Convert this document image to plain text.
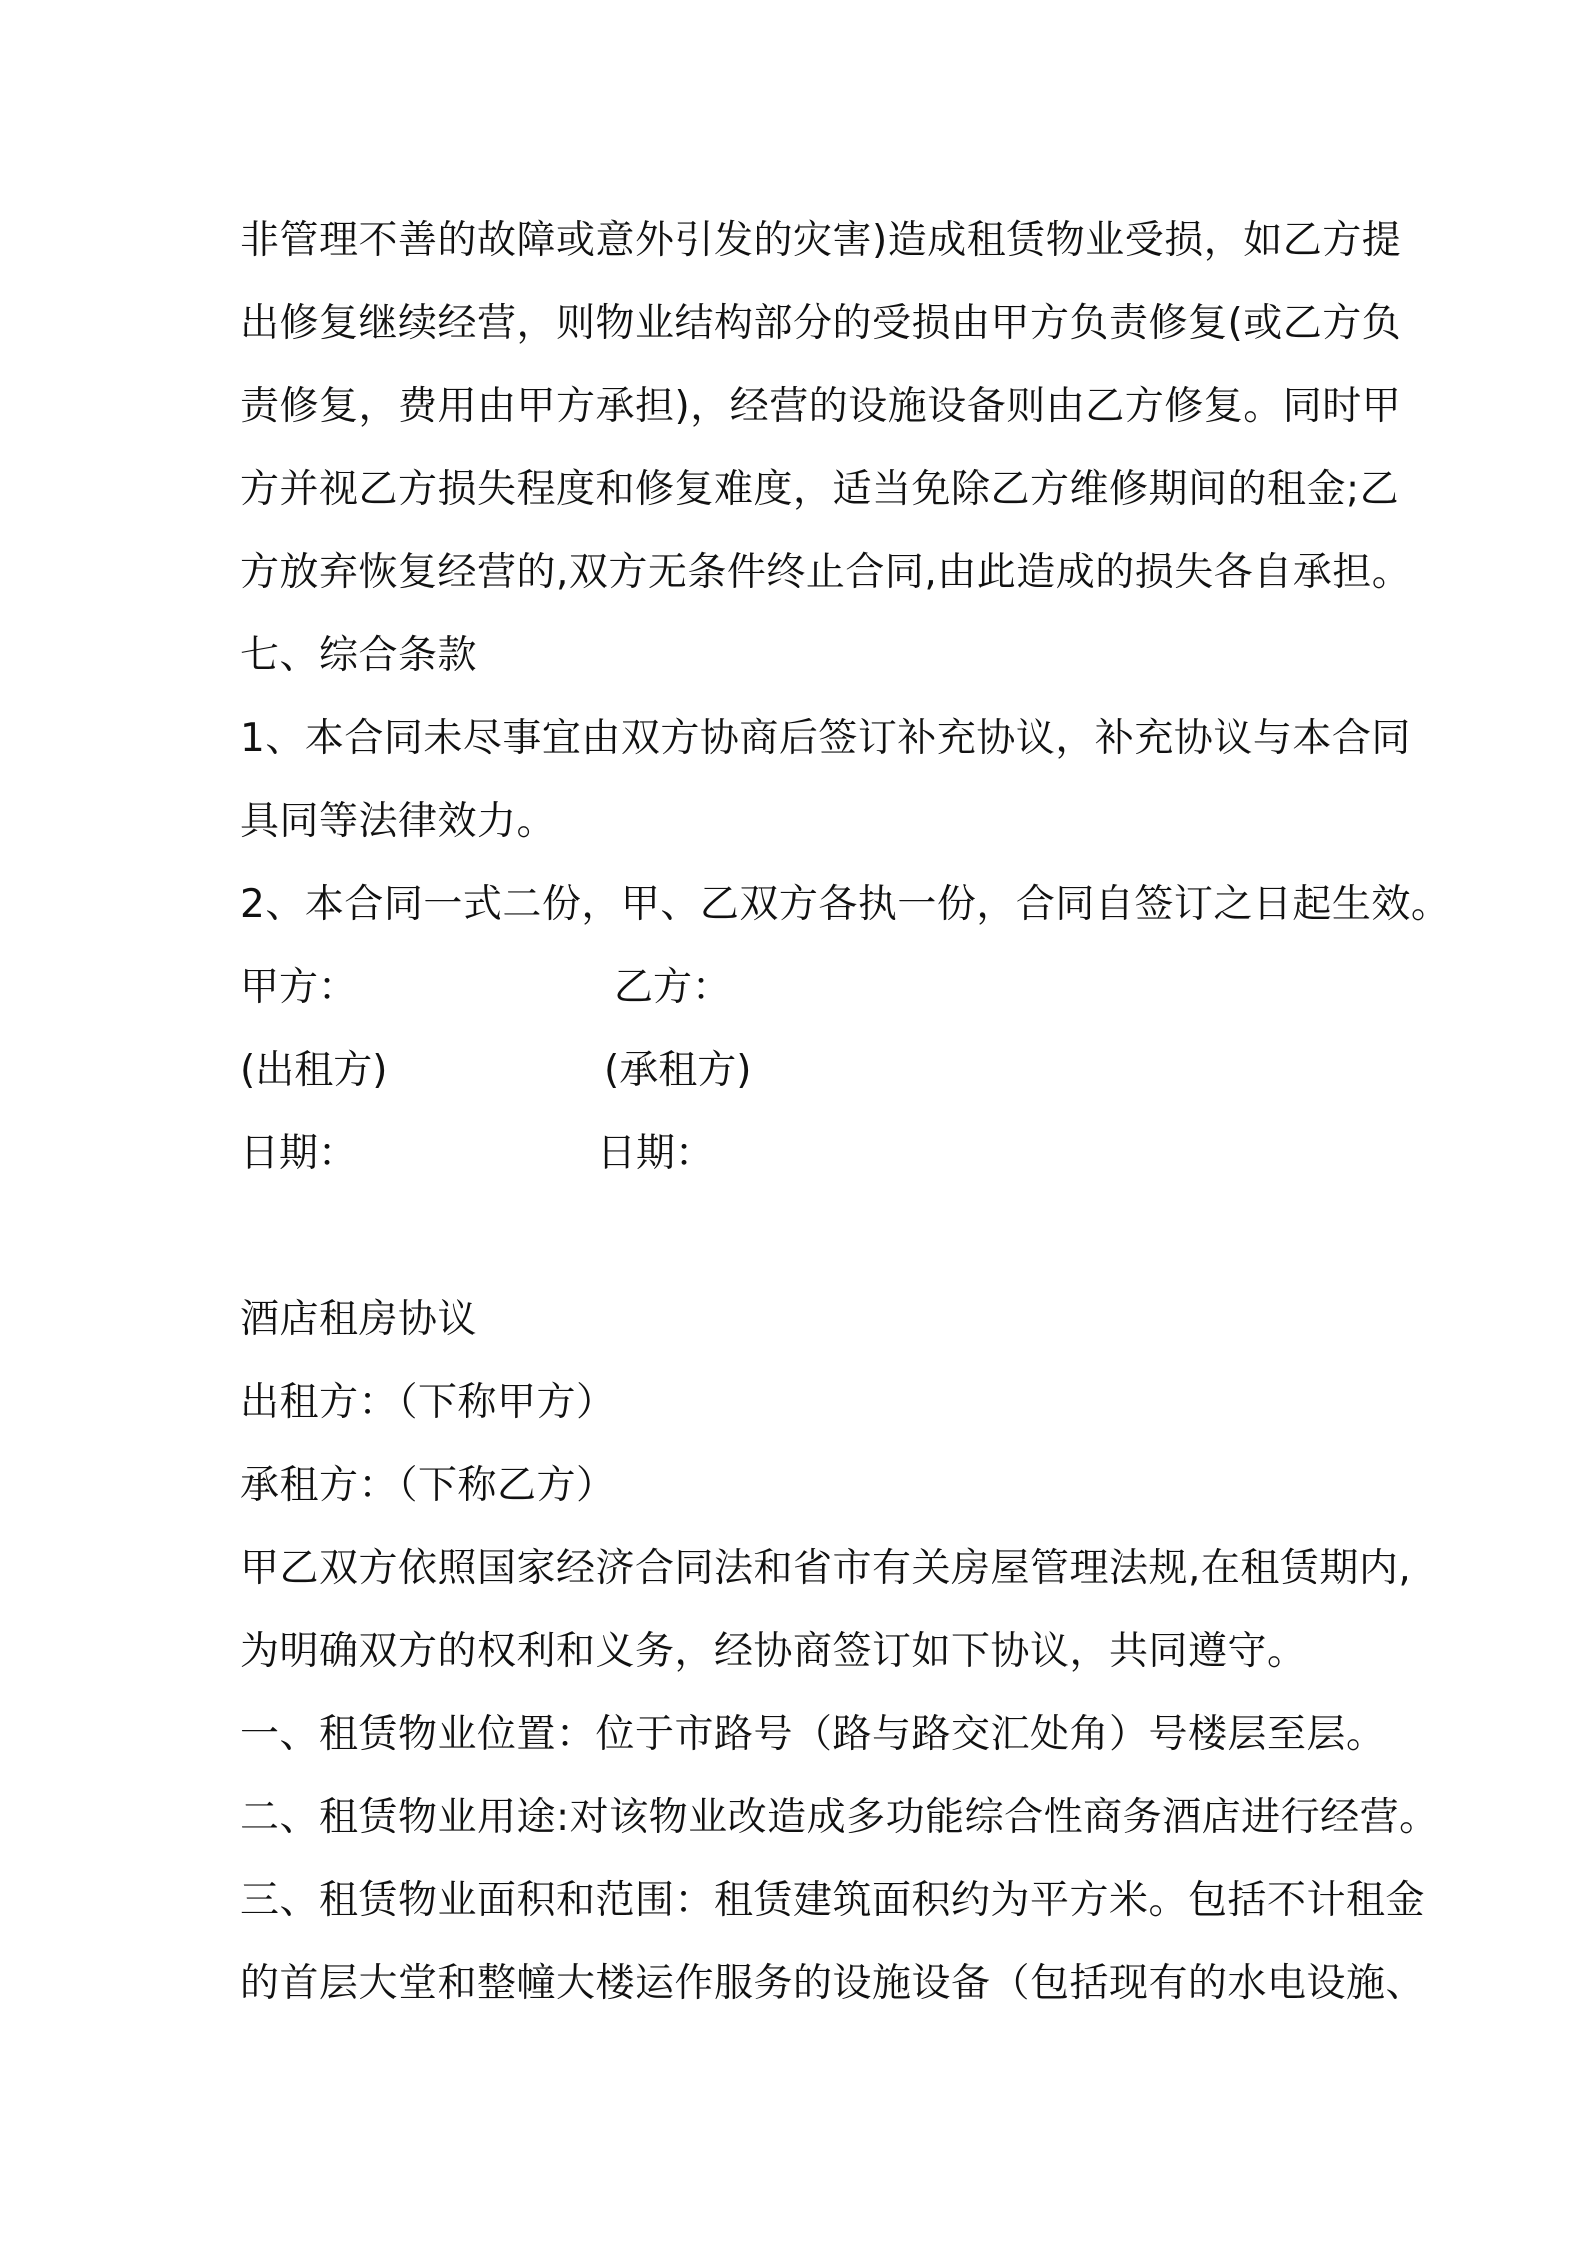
非管理不善的故障或意外引发的灾害)造成租赁物业受损，如乙方提
出修复继续经营，则物业结构部分的受损由甲方负责修复(或乙方负
责修复，费用由甲方承担)，经营的设施设备则由乙方修复。同时甲
方并视乙方损失程度和修复难度，适当免除乙方维修期间的租金;乙
方放弃恢复经营的,双方无条件终止合同,由此造成的损失各自承担。
七、综合条款
1、本合同未尽事宜由双方协商后签订补充协议，补充协议与本合同
具同等法律效力。
2、本合同一式二份，甲、乙双方各执一份，合同自签订之日起生效。
甲方：	乙方：
(出租方)	(承租方)
日期：	日期：
酒店租房协议
出租方：（下称甲方）
承租方：（下称乙方）
甲乙双方依照国家经济合同法和省市有关房屋管理法规,在租赁期内,
为明确双方的权利和义务，经协商签订如下协议，共同遵守。
一、租赁物业位置：位于市路号（路与路交汇处角）号楼层至层。
二、租赁物业用途:对该物业改造成多功能综合性商务酒店进行经营。
三、租赁物业面积和范围：租赁建筑面积约为平方米。包括不计租金
的首层大堂和整幢大楼运作服务的设施设备（包括现有的水电设施、
